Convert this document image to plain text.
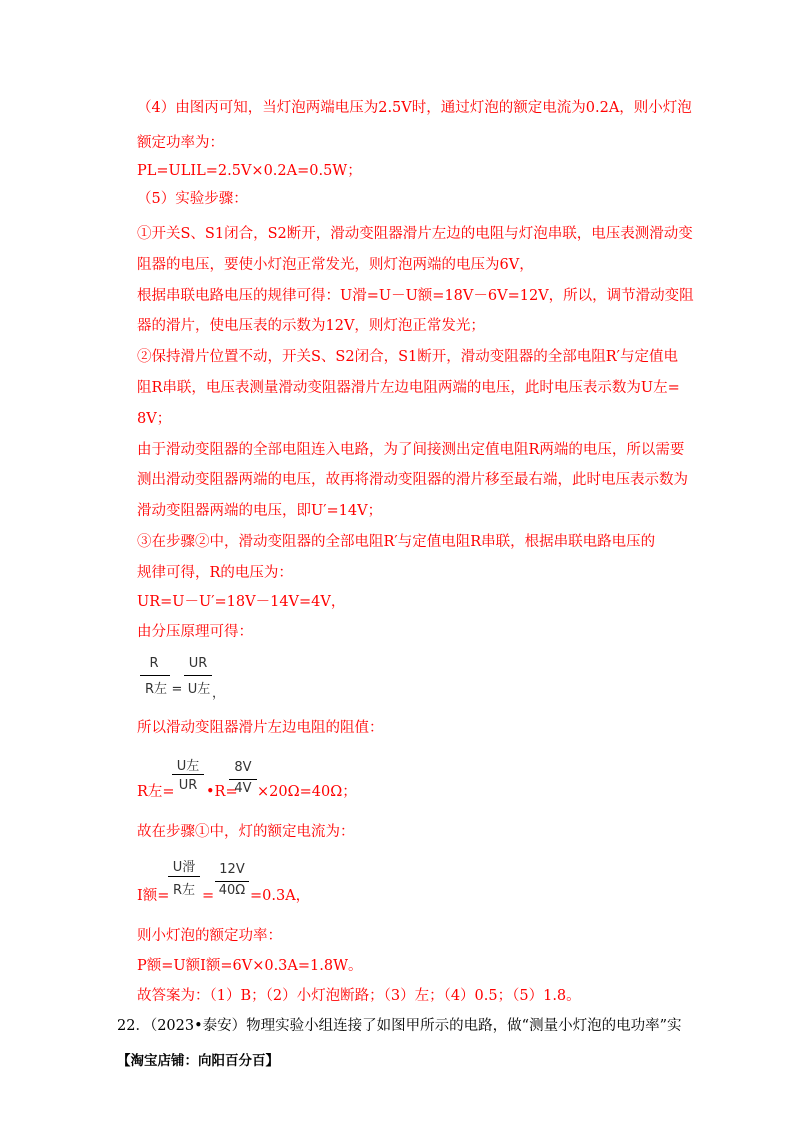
（4）由图丙可知，当灯泡两端电压为2.5V时，通过灯泡的额定电流为0.2A，则小灯泡
额定功率为：
PL=ULIL=2.5V×0.2A=0.5W；
（5）实验步骤：
①开关S、S1闭合，S2断开，滑动变阻器滑片左边的电阻与灯泡串联，电压表测滑动变
阻器的电压，要使小灯泡正常发光，则灯泡两端的电压为6V，
根据串联电路电压的规律可得：U滑=U－U额=18V－6V=12V，所以，调节滑动变阻
器的滑片，使电压表的示数为12V，则灯泡正常发光；
②保持滑片位置不动，开关S、S2闭合，S1断开，滑动变阻器的全部电阻R′与定值电
阻R串联，电压表测量滑动变阻器滑片左边电阻两端的电压，此时电压表示数为U左=
8V；
由于滑动变阻器的全部电阻连入电路，为了间接测出定值电阻R两端的电压，所以需要
测出滑动变阻器两端的电压，故再将滑动变阻器的滑片移至最右端，此时电压表示数为
滑动变阻器两端的电压，即U′=14V；
③在步骤②中，滑动变阻器的全部电阻R′与定值电阻R串联，根据串联电路电压的
规律可得，R的电压为：
UR=U－U′=18V－14V=4V，
由分压原理可得：
R
R左 =
UR
U左 ，
所以滑动变阻器滑片左边电阻的阻值：
R左=
U左
UR •R=
8V
4V ×20Ω=40Ω；
故在步骤①中，灯的额定电流为：
I额=
U滑
R左 =
12V
40Ω =0.3A，
则小灯泡的额定功率：
P额=U额I额=6V×0.3A=1.8W。
故答案为：（1）B；（2）小灯泡断路；（3）左；（4）0.5；（5）1.8。
22．（2023•泰安）物理实验小组连接了如图甲所示的电路，做“测量小灯泡的电功率”实
【淘宝店铺：向阳百分百】
